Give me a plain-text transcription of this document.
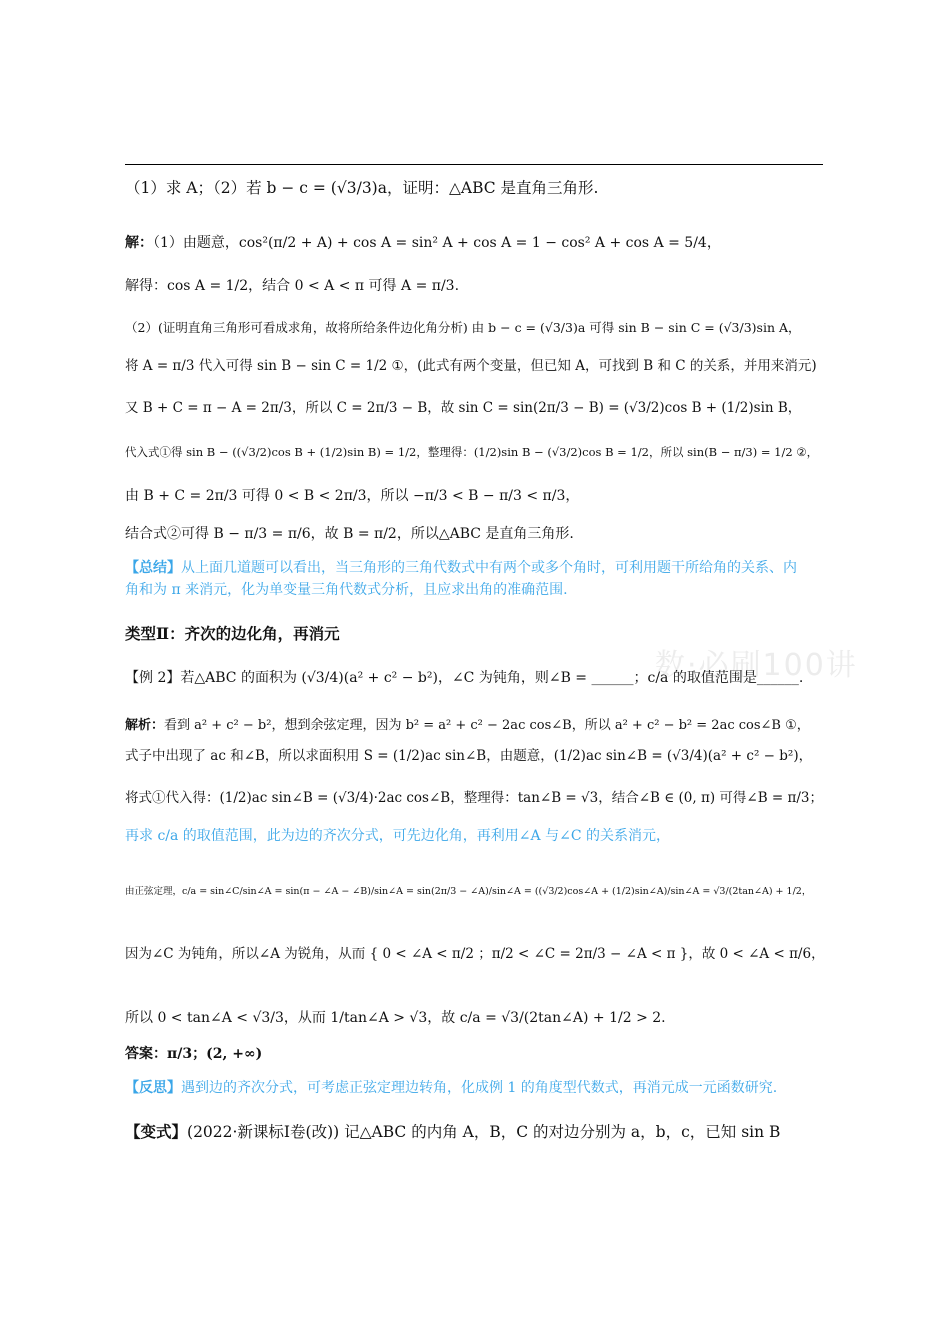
数·必刷100讲
（1）求 A；（2）若 b − c = (√3/3)a，证明：△ABC 是直角三角形.
解：（1）由题意，cos²(π/2 + A) + cos A = sin² A + cos A = 1 − cos² A + cos A = 5/4，
解得：cos A = 1/2，结合 0 < A < π 可得 A = π/3.
（2）(证明直角三角形可看成求角，故将所给条件边化角分析) 由 b − c = (√3/3)a 可得 sin B − sin C = (√3/3)sin A，
将 A = π/3 代入可得 sin B − sin C = 1/2 ①，(此式有两个变量，但已知 A，可找到 B 和 C 的关系，并用来消元)
又 B + C = π − A = 2π/3，所以 C = 2π/3 − B，故 sin C = sin(2π/3 − B) = (√3/2)cos B + (1/2)sin B，
代入式①得 sin B − ((√3/2)cos B + (1/2)sin B) = 1/2，整理得：(1/2)sin B − (√3/2)cos B = 1/2，所以 sin(B − π/3) = 1/2 ②，
由 B + C = 2π/3 可得 0 < B < 2π/3，所以 −π/3 < B − π/3 < π/3，
结合式②可得 B − π/3 = π/6，故 B = π/2，所以△ABC 是直角三角形.
【总结】从上面几道题可以看出，当三角形的三角代数式中有两个或多个角时，可利用题干所给角的关系、内
角和为 π 来消元，化为单变量三角代数式分析，且应求出角的准确范围.
类型Ⅱ：齐次的边化角，再消元
【例 2】若△ABC 的面积为 (√3/4)(a² + c² − b²)，∠C 为钝角，则∠B = ______；c/a 的取值范围是______.
解析：看到 a² + c² − b²，想到余弦定理，因为 b² = a² + c² − 2ac cos∠B，所以 a² + c² − b² = 2ac cos∠B ①，
式子中出现了 ac 和∠B，所以求面积用 S = (1/2)ac sin∠B，由题意，(1/2)ac sin∠B = (√3/4)(a² + c² − b²)，
将式①代入得：(1/2)ac sin∠B = (√3/4)·2ac cos∠B，整理得：tan∠B = √3，结合∠B ∈ (0, π) 可得∠B = π/3；
再求 c/a 的取值范围，此为边的齐次分式，可先边化角，再利用∠A 与∠C 的关系消元，
由正弦定理，c/a = sin∠C/sin∠A = sin(π − ∠A − ∠B)/sin∠A = sin(2π/3 − ∠A)/sin∠A = ((√3/2)cos∠A + (1/2)sin∠A)/sin∠A = √3/(2tan∠A) + 1/2，
因为∠C 为钝角，所以∠A 为锐角，从而 { 0 < ∠A < π/2 ；π/2 < ∠C = 2π/3 − ∠A < π }，故 0 < ∠A < π/6，
所以 0 < tan∠A < √3/3，从而 1/tan∠A > √3，故 c/a = √3/(2tan∠A) + 1/2 > 2.
答案：π/3；(2, +∞)
【反思】遇到边的齐次分式，可考虑正弦定理边转角，化成例 1 的角度型代数式，再消元成一元函数研究.
【变式】(2022·新课标Ⅰ卷(改)) 记△ABC 的内角 A，B，C 的对边分别为 a，b，c，已知 sin B
